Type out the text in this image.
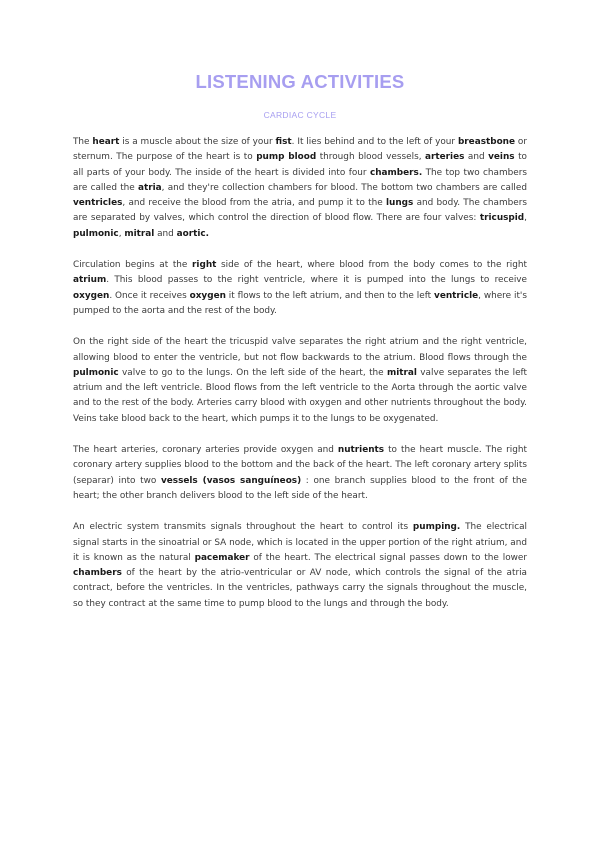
LISTENING ACTIVITIES
CARDIAC CYCLE

The heart is a muscle about the size of your fist. It lies behind and to the left of your breastbone or sternum. The purpose of the heart is to pump blood through blood vessels, arteries and veins to all parts of your body. The inside of the heart is divided into four chambers. The top two chambers are called the atria, and they're collection chambers for blood. The bottom two chambers are called ventricles, and receive the blood from the atria, and pump it to the lungs and body. The chambers are separated by valves, which control the direction of blood flow. There are four valves: tricuspid, pulmonic, mitral and aortic.

Circulation begins at the right side of the heart, where blood from the body comes to the right atrium. This blood passes to the right ventricle, where it is pumped into the lungs to receive oxygen. Once it receives oxygen it flows to the left atrium, and then to the left ventricle, where it's pumped to the aorta and the rest of the body.

On the right side of the heart the tricuspid valve separates the right atrium and the right ventricle, allowing blood to enter the ventricle, but not flow backwards to the atrium. Blood flows through the pulmonic valve to go to the lungs. On the left side of the heart, the mitral valve separates the left atrium and the left ventricle. Blood flows from the left ventricle to the Aorta through the aortic valve and to the rest of the body. Arteries carry blood with oxygen and other nutrients throughout the body. Veins take blood back to the heart, which pumps it to the lungs to be oxygenated.

The heart arteries, coronary arteries provide oxygen and nutrients to the heart muscle. The right coronary artery supplies blood to the bottom and the back of the heart. The left coronary artery splits (separar) into two vessels (vasos sanguíneos) : one branch supplies blood to the front of the heart; the other branch delivers blood to the left side of the heart.

An electric system transmits signals throughout the heart to control its pumping. The electrical signal starts in the sinoatrial or SA node, which is located in the upper portion of the right atrium, and it is known as the natural pacemaker of the heart. The electrical signal passes down to the lower chambers of the heart by the atrio-ventricular or AV node, which controls the signal of the atria contract, before the ventricles. In the ventricles, pathways carry the signals throughout the muscle, so they contract at the same time to pump blood to the lungs and through the body.
